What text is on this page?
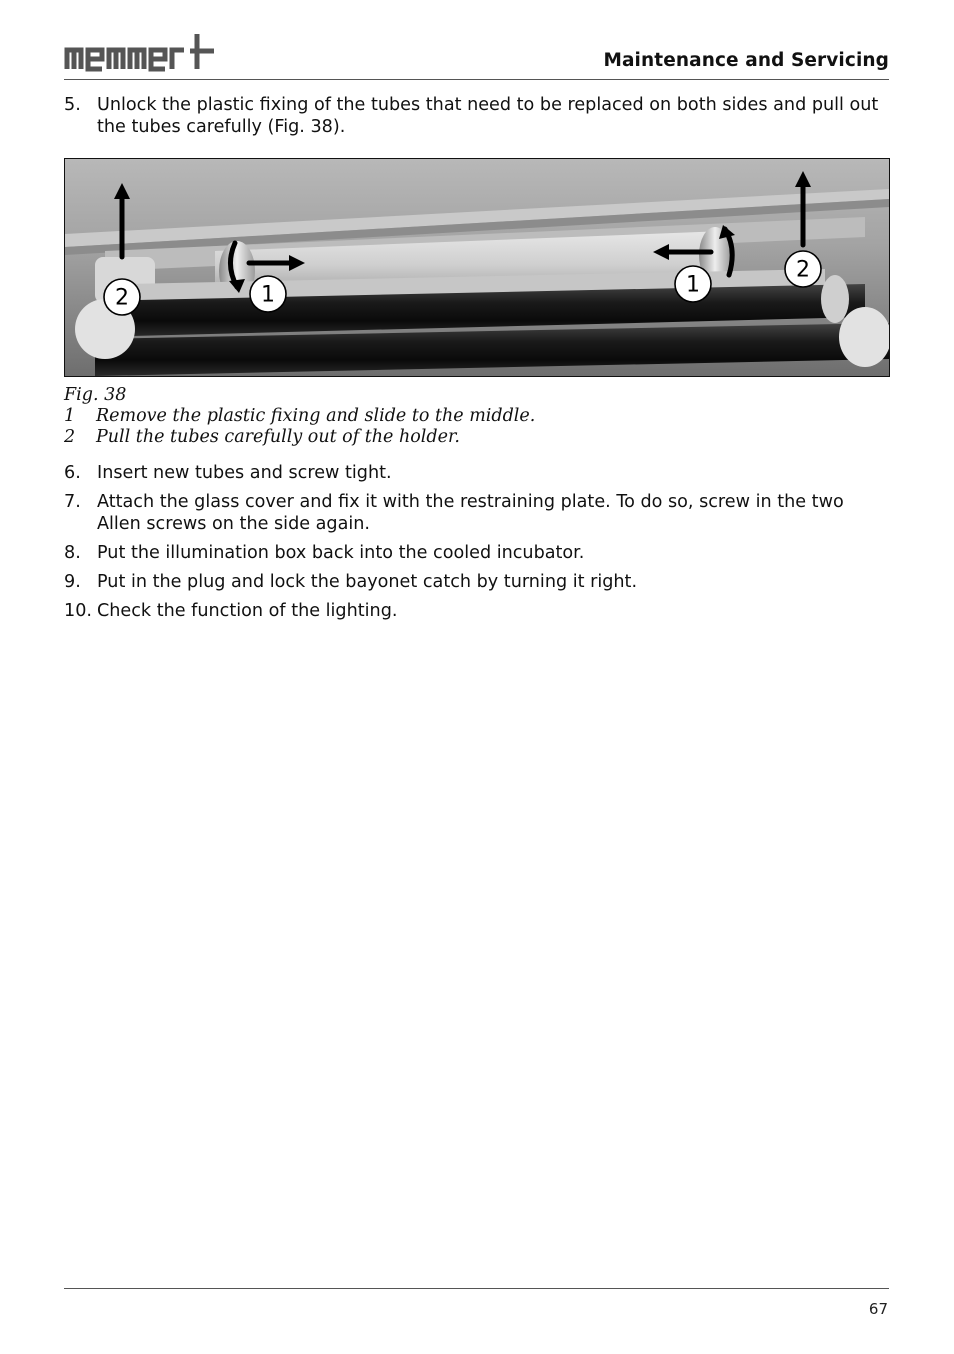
Maintenance and Servicing
5. Unlock the plastic fixing of the tubes that need to be replaced on both sides and pull out the tubes carefully (Fig. 38).
2	1	1
2
Fig. 38
1 Remove the plastic fixing and slide to the middle.
2 Pull the tubes carefully out of the holder.
6. Insert new tubes and screw tight.
7. Attach the glass cover and fix it with the restraining plate. To do so, screw in the two Allen screws on the side again.
8. Put the illumination box back into the cooled incubator.
9. Put in the plug and lock the bayonet catch by turning it right.
10. Check the function of the lighting.
67
